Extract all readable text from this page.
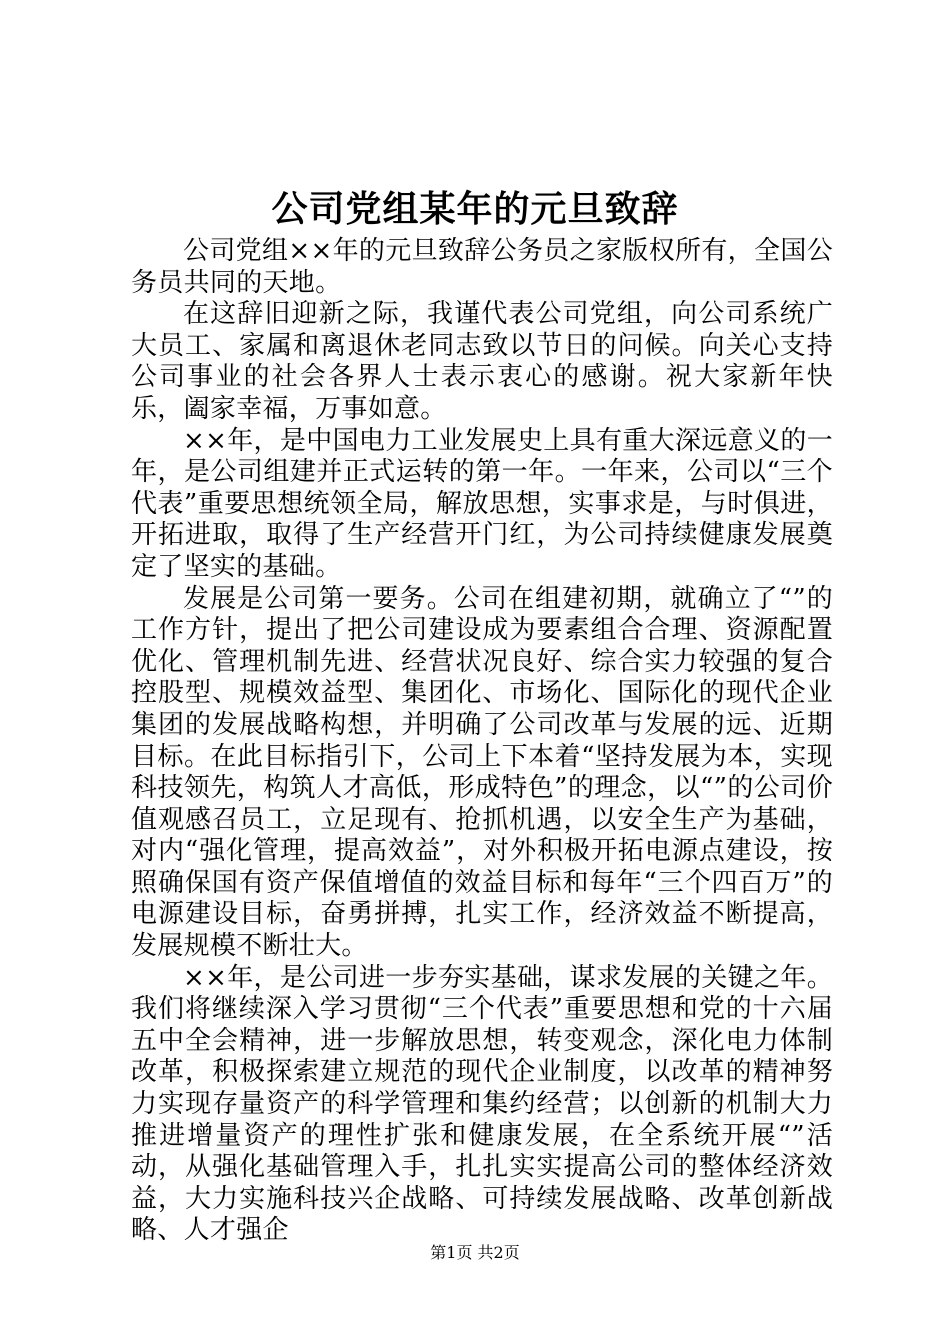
公司党组某年的元旦致辞

公司党组××年的元旦致辞公务员之家版权所有，全国公务员共同的天地。

在这辞旧迎新之际，我谨代表公司党组，向公司系统广大员工、家属和离退休老同志致以节日的问候。向关心支持公司事业的社会各界人士表示衷心的感谢。祝大家新年快乐，阖家幸福，万事如意。

××年，是中国电力工业发展史上具有重大深远意义的一年，是公司组建并正式运转的第一年。一年来，公司以“三个代表”重要思想统领全局，解放思想，实事求是，与时俱进，开拓进取，取得了生产经营开门红，为公司持续健康发展奠定了坚实的基础。

发展是公司第一要务。公司在组建初期，就确立了“”的工作方针，提出了把公司建设成为要素组合合理、资源配置优化、管理机制先进、经营状况良好、综合实力较强的复合控股型、规模效益型、集团化、市场化、国际化的现代企业集团的发展战略构想，并明确了公司改革与发展的远、近期目标。在此目标指引下，公司上下本着“坚持发展为本，实现科技领先，构筑人才高低，形成特色”的理念，以“”的公司价值观感召员工，立足现有、抢抓机遇，以安全生产为基础，对内“强化管理，提高效益”，对外积极开拓电源点建设，按照确保国有资产保值增值的效益目标和每年“三个四百万”的电源建设目标，奋勇拼搏，扎实工作，经济效益不断提高，发展规模不断壮大。

××年，是公司进一步夯实基础，谋求发展的关键之年。我们将继续深入学习贯彻“三个代表”重要思想和党的十六届五中全会精神，进一步解放思想，转变观念，深化电力体制改革，积极探索建立规范的现代企业制度，以改革的精神努力实现存量资产的科学管理和集约经营；以创新的机制大力推进增量资产的理性扩张和健康发展，在全系统开展“”活动，从强化基础管理入手，扎扎实实提高公司的整体经济效益，大力实施科技兴企战略、可持续发展战略、改革创新战略、人才强企

第1页 共2页
